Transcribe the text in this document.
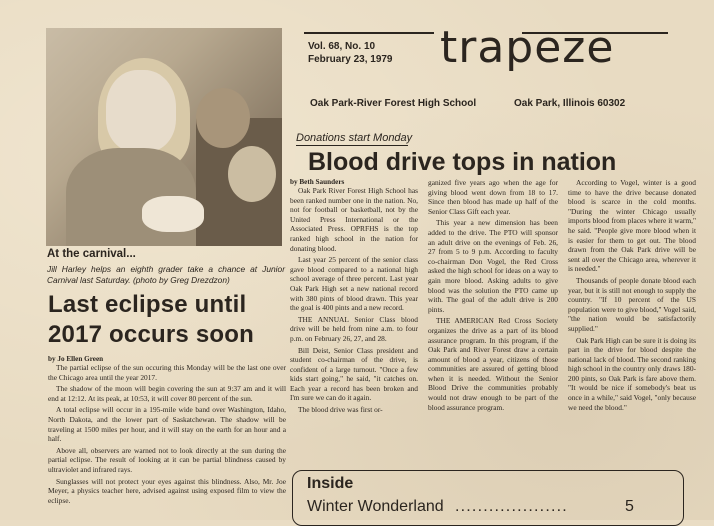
At the carnival...
Jill Harley helps an eighth grader take a chance at Junior Carnival last Saturday. (photo by Greg Drezdzon)
Last eclipse until 2017 occurs soon
by Jo Ellen Green

The partial eclipse of the sun occuring this Monday will be the last one over the Chicago area until the year 2017.

The shadow of the moon will begin covering the sun at 9:37 am and it will end at 12:12. At its peak, at 10:53, it will cover 80 percent of the sun.

A total eclipse will occur in a 195-mile wide band over Washington, Idaho, North Dakota, and the lower part of Saskatchewan. The shadow will be traveling at 1500 miles per hour, and it will stay on the earth for an hour and a half.

Above all, observers are warned not to look directly at the sun during the partial eclipse. The result of looking at it can be partial blindness caused by ultraviolet and infrared rays.

Sunglasses will not protect your eyes against this blindness. Also, Mr. Joe Meyer, a physics teacher here, advised against using exposed film to view the eclipse.

Vol. 68, No. 10
February 23, 1979 trapeze
Oak Park-River Forest High School	Oak Park, Illinois 60302
Donations start Monday
Blood drive tops in nation
by Beth Saunders

Oak Park River Forest High School has been ranked number one in the nation. No, not for football or basketball, not by the United Press International or the Associated Press. OPRFHS is the top ranked high school in the nation for donating blood.

Last year 25 percent of the senior class gave blood compared to a national high school average of three percent. Last year Oak Park High set a new national record with 380 pints of blood drawn. This year the goal is 400 pints and a new record.

THE ANNUAL Senior Class blood drive will be held from nine a.m. to four p.m. on February 26, 27, and 28.

Bill Deist, Senior Class president and student co-chairman of the drive, is confident of a large turnout. "Once a few kids start going," he said, "it catches on. Each year a record has been broken and I'm sure we can do it again.

The blood drive was first or-

ganized five years ago when the age for giving blood went down from 18 to 17. Since then blood has made up half of the Senior Class Gift each year.

This year a new dimension has been added to the drive. The PTO will sponsor an adult drive on the evenings of Feb. 26, 27 from 5 to 9 p.m. According to faculty co-chairman Don Vogel, the Red Cross asked the high school for ideas on a way to gain more blood. Asking adults to give blood was the solution the PTO came up with. The goal of the adult drive is 200 pints.

THE AMERICAN Red Cross Society organizes the drive as a part of its blood assurance program. In this program, if the Oak Park and River Forest draw a certain amount of blood a year, citizens of those communities are assured of getting blood when it is needed. Without the Senior Blood Drive the communities probably would not draw enough to be part of the blood assurance program.

According to Vogel, winter is a good time to have the drive because donated blood is scarce in the cold months. "During the winter Chicago usually imports blood from places where it warm," he said. "People give more blood when it is easier for them to get out. The blood drawn from the Oak Park drive will be sent all over the Chicago area, wherever it is needed."

Thousands of people donate blood each year, but it is still not enough to supply the country. "If 10 percent of the US population were to give blood," Vogel said, "the nation would be satisfactorily supplied."

Oak Park High can be sure it is doing its part in the drive for blood despite the national lack of blood. The second ranking high school in the country only draws 180-200 pints, so Oak Park is fare above them. "It would be nice if somebody's beat us once in a while," said Vogel, "only because we need the blood."

Inside
Winter Wonderland ....................	5
